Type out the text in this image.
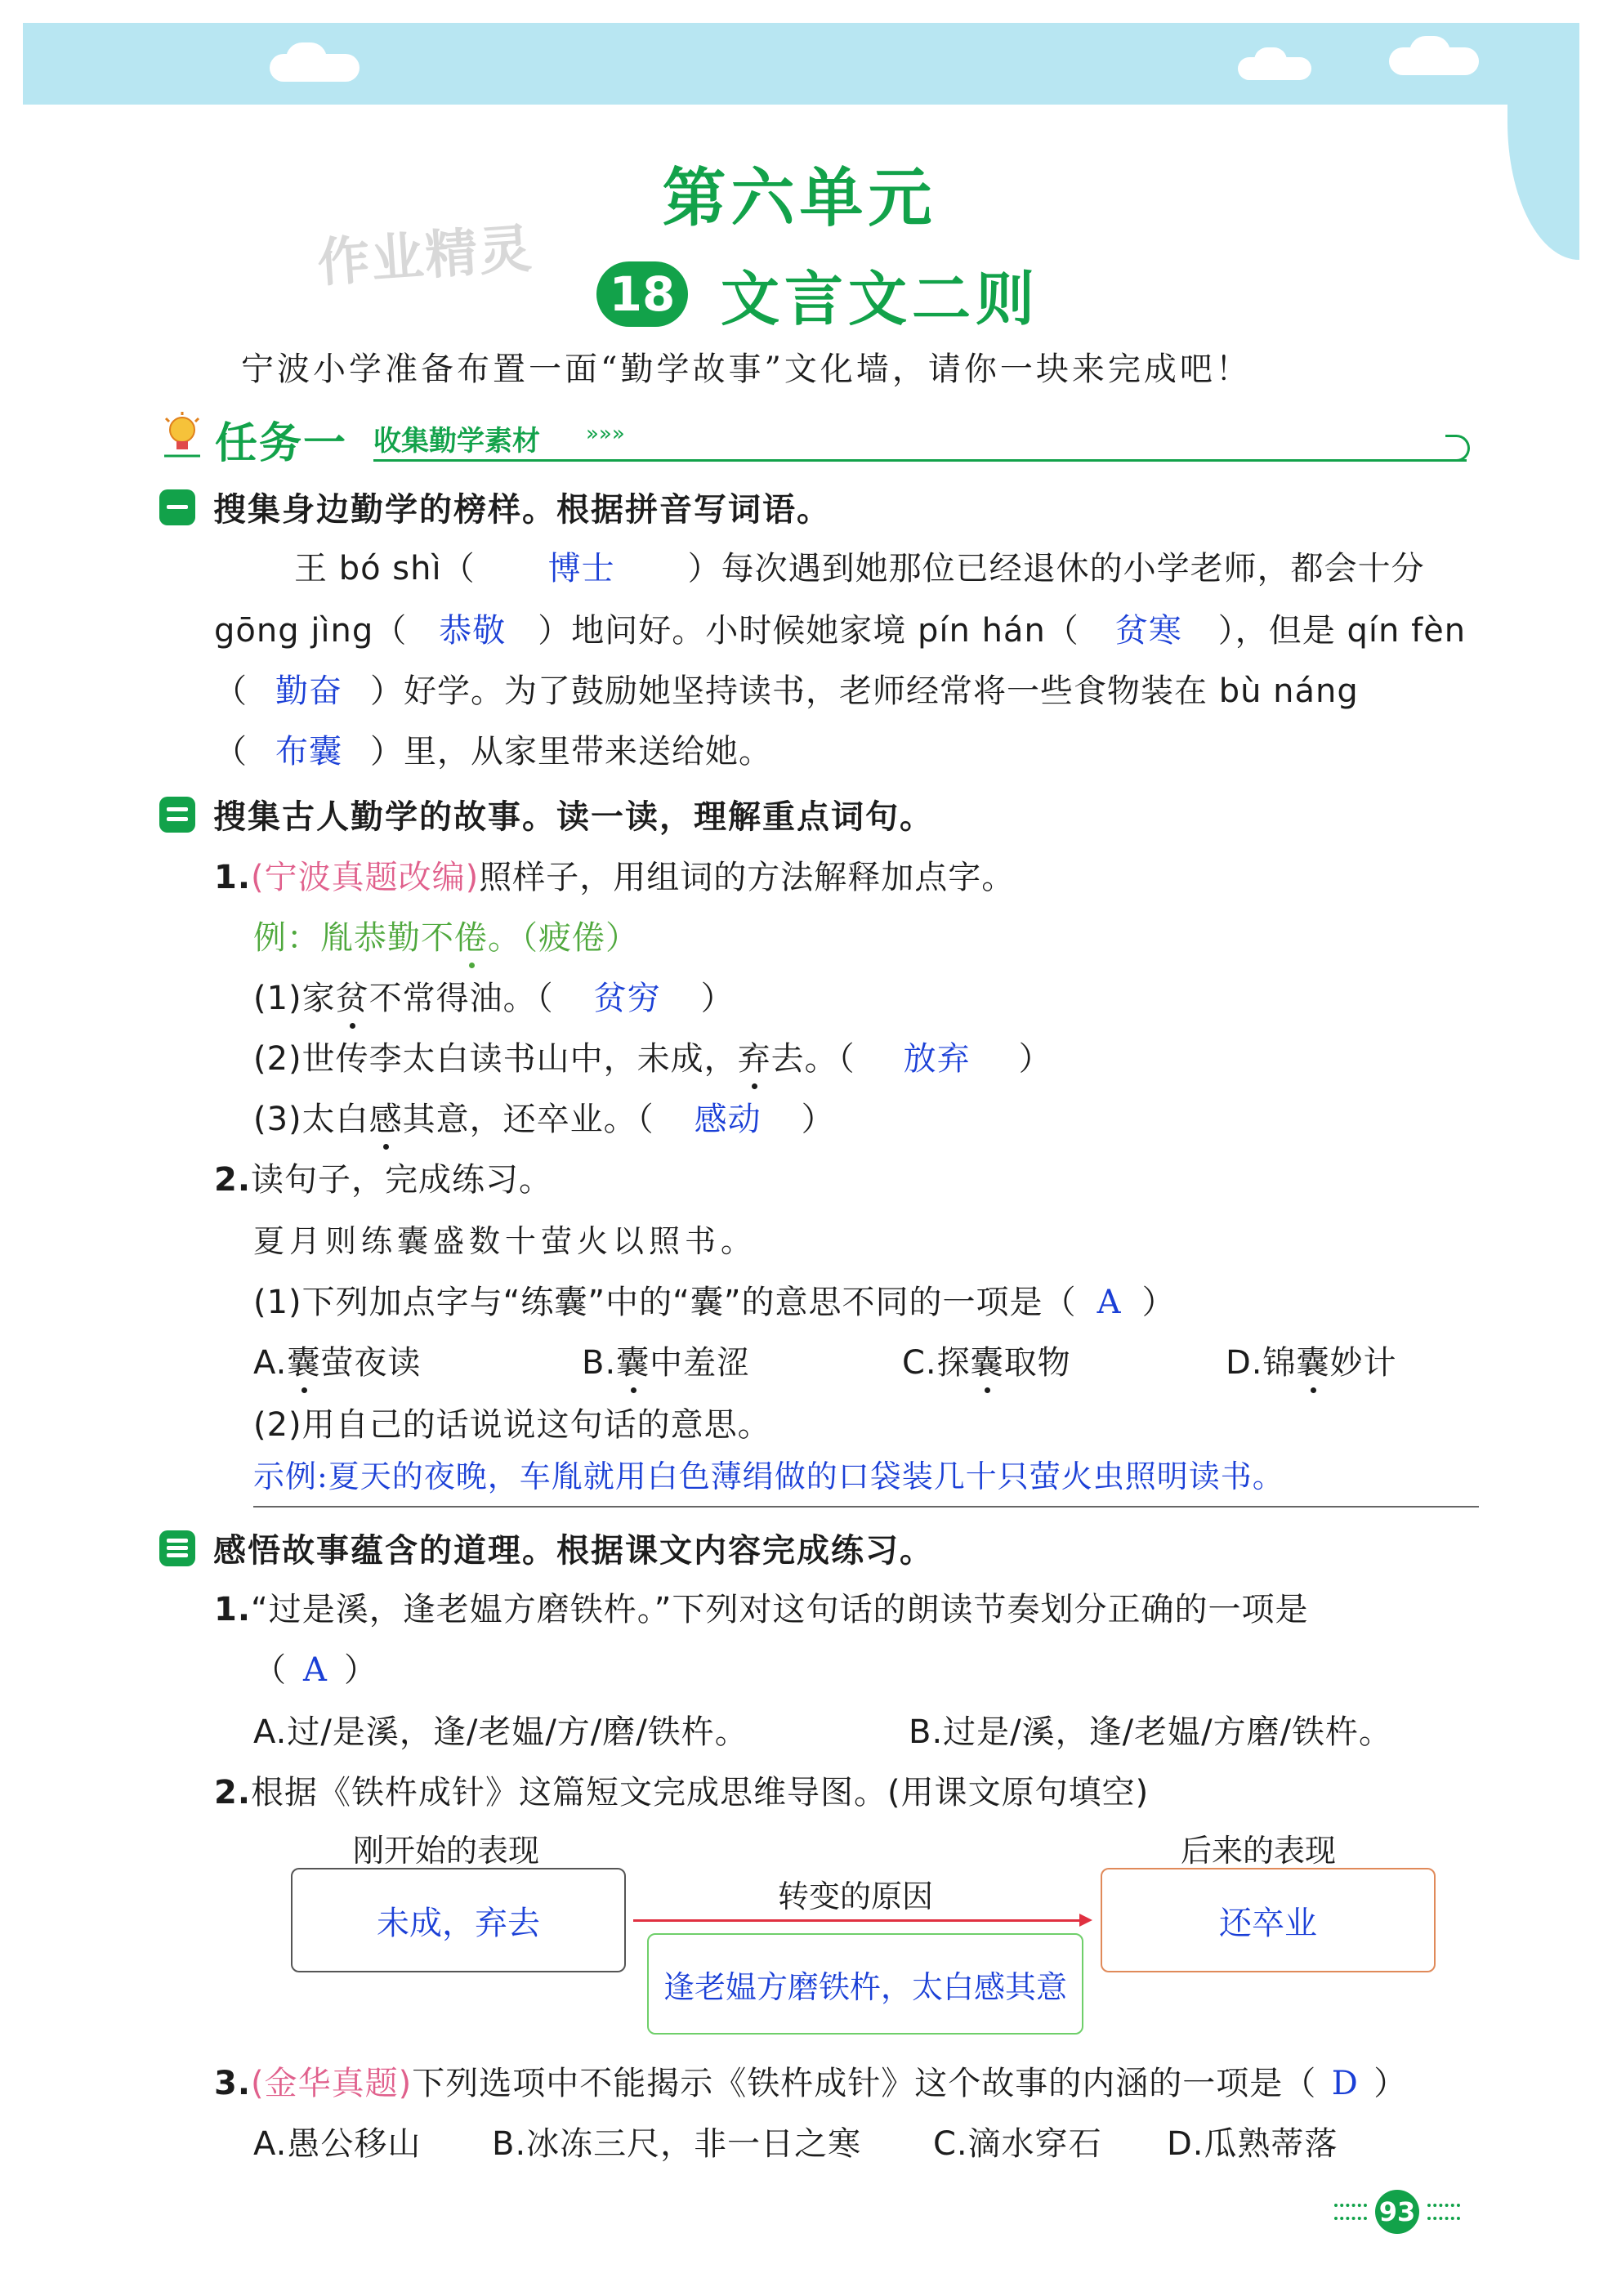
第六单元
作业精灵 18 文言文二则
宁波小学准备布置一面“勤学故事”文化墙，请你一块来完成吧！
任务一 收集勤学素材 »»»
搜集身边勤学的榜样。根据拼音写词语。
王 bó shì（ 博士 ）每次遇到她那位已经退休的小学老师，都会十分
gōng jìng（ 恭敬 ）地问好。小时候她家境 pín hán（ 贫寒 ），但是 qín fèn
（ 勤奋 ）好学。为了鼓励她坚持读书，老师经常将一些食物装在 bù náng
（ 布囊 ）里，从家里带来送给她。
搜集古人勤学的故事。读一读，理解重点词句。
1.(宁波真题改编)照样子，用组词的方法解释加点字。
例：胤恭勤不倦。（疲倦）
(1)家贫不常得油。（ 贫穷 ）
(2)世传李太白读书山中，未成，弃去。（ 放弃 ）
(3)太白感其意，还卒业。（ 感动 ）
2.读句子，完成练习。
夏月则练囊盛数十萤火以照书。
(1)下列加点字与“练囊”中的“囊”的意思不同的一项是（ A ）
A.囊萤夜读	B.囊中羞涩	C.探囊取物	D.锦囊妙计
(2)用自己的话说说这句话的意思。
示例:夏天的夜晚，车胤就用白色薄绢做的口袋装几十只萤火虫照明读书。
感悟故事蕴含的道理。根据课文内容完成练习。
1.“过是溪，逢老媪方磨铁杵。”下列对这句话的朗读节奏划分正确的一项是
（ A ）
A.过/是溪，逢/老媪/方/磨/铁杵。	B.过是/溪，逢/老媪/方磨/铁杵。
2.根据《铁杵成针》这篇短文完成思维导图。(用课文原句填空)
刚开始的表现	后来的表现
转变的原因
未成，弃去	还卒业
逢老媪方磨铁杵，太白感其意
3.(金华真题)下列选项中不能揭示《铁杵成针》这个故事的内涵的一项是（ D ）
A.愚公移山 B.冰冻三尺，非一日之寒 C.滴水穿石 D.瓜熟蒂落
93
